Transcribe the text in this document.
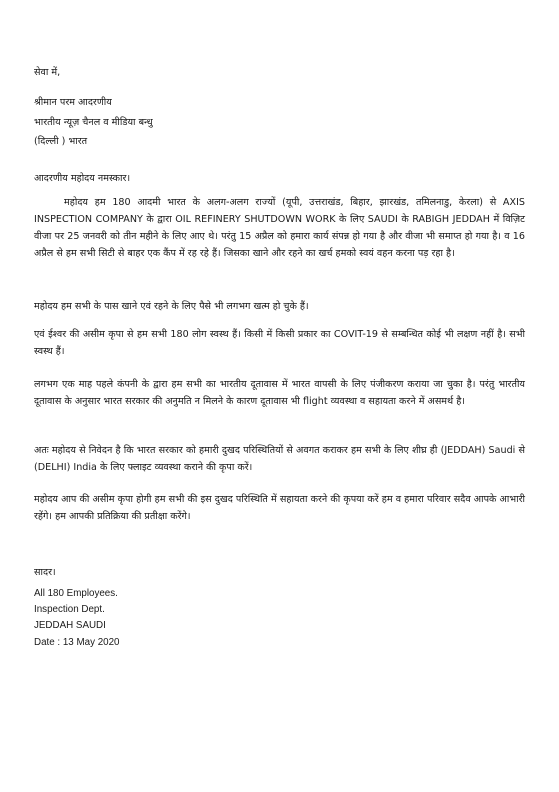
सेवा में,
श्रीमान परम आदरणीय
भारतीय न्यूज़ चैनल व मीडिया बन्धु
(दिल्ली ) भारत
आदरणीय महोदय नमस्कार।
महोदय हम 180 आदमी भारत के अलग-अलग राज्यों (यूपी, उत्तराखंड, बिहार, झारखंड, तमिलनाडु, केरला) से AXIS INSPECTION COMPANY के द्वारा OIL REFINERY SHUTDOWN WORK के लिए SAUDI के RABIGH JEDDAH में विज़िट वीजा पर 25 जनवरी को तीन महीने के लिए आए थे। परंतु 15 अप्रैल को हमारा कार्य संपन्न हो गया है और वीजा भी समाप्त हो गया है। व 16 अप्रैल से हम सभी सिटी से बाहर एक कैंप में रह रहे हैं। जिसका खाने और रहने का खर्च हमको स्वयं वहन करना पड़ रहा है।
महोदय हम सभी के पास खाने एवं रहने के लिए पैसे भी लगभग खत्म हो चुके हैं।
एवं ईश्वर की असीम कृपा से हम सभी 180 लोग स्वस्थ हैं। किसी में किसी प्रकार का COVIT-19 से सम्बन्धित कोई भी लक्षण नहीं है। सभी स्वस्थ हैं।
लगभग एक माह पहले कंपनी के द्वारा हम सभी का भारतीय दूतावास में भारत वापसी के लिए पंजीकरण कराया जा चुका है। परंतु भारतीय दूतावास के अनुसार भारत सरकार की अनुमति न मिलने के कारण दूतावास भी flight व्यवस्था व सहायता करने में असमर्थ है।
अतः महोदय से निवेदन है कि भारत सरकार को हमारी दुखद परिस्थितियों से अवगत कराकर हम सभी के लिए शीघ्र ही (JEDDAH) Saudi से (DELHI) India के लिए फ्लाइट व्यवस्था कराने की कृपा करें।
महोदय आप की असीम कृपा होगी हम सभी की इस दुखद परिस्थिति में सहायता करने की कृपया करें हम व हमारा परिवार सदैव आपके आभारी रहेंगे। हम आपकी प्रतिक्रिया की प्रतीक्षा करेंगे।
सादर।
All 180 Employees.
Inspection Dept.
JEDDAH SAUDI
Date : 13 May 2020
